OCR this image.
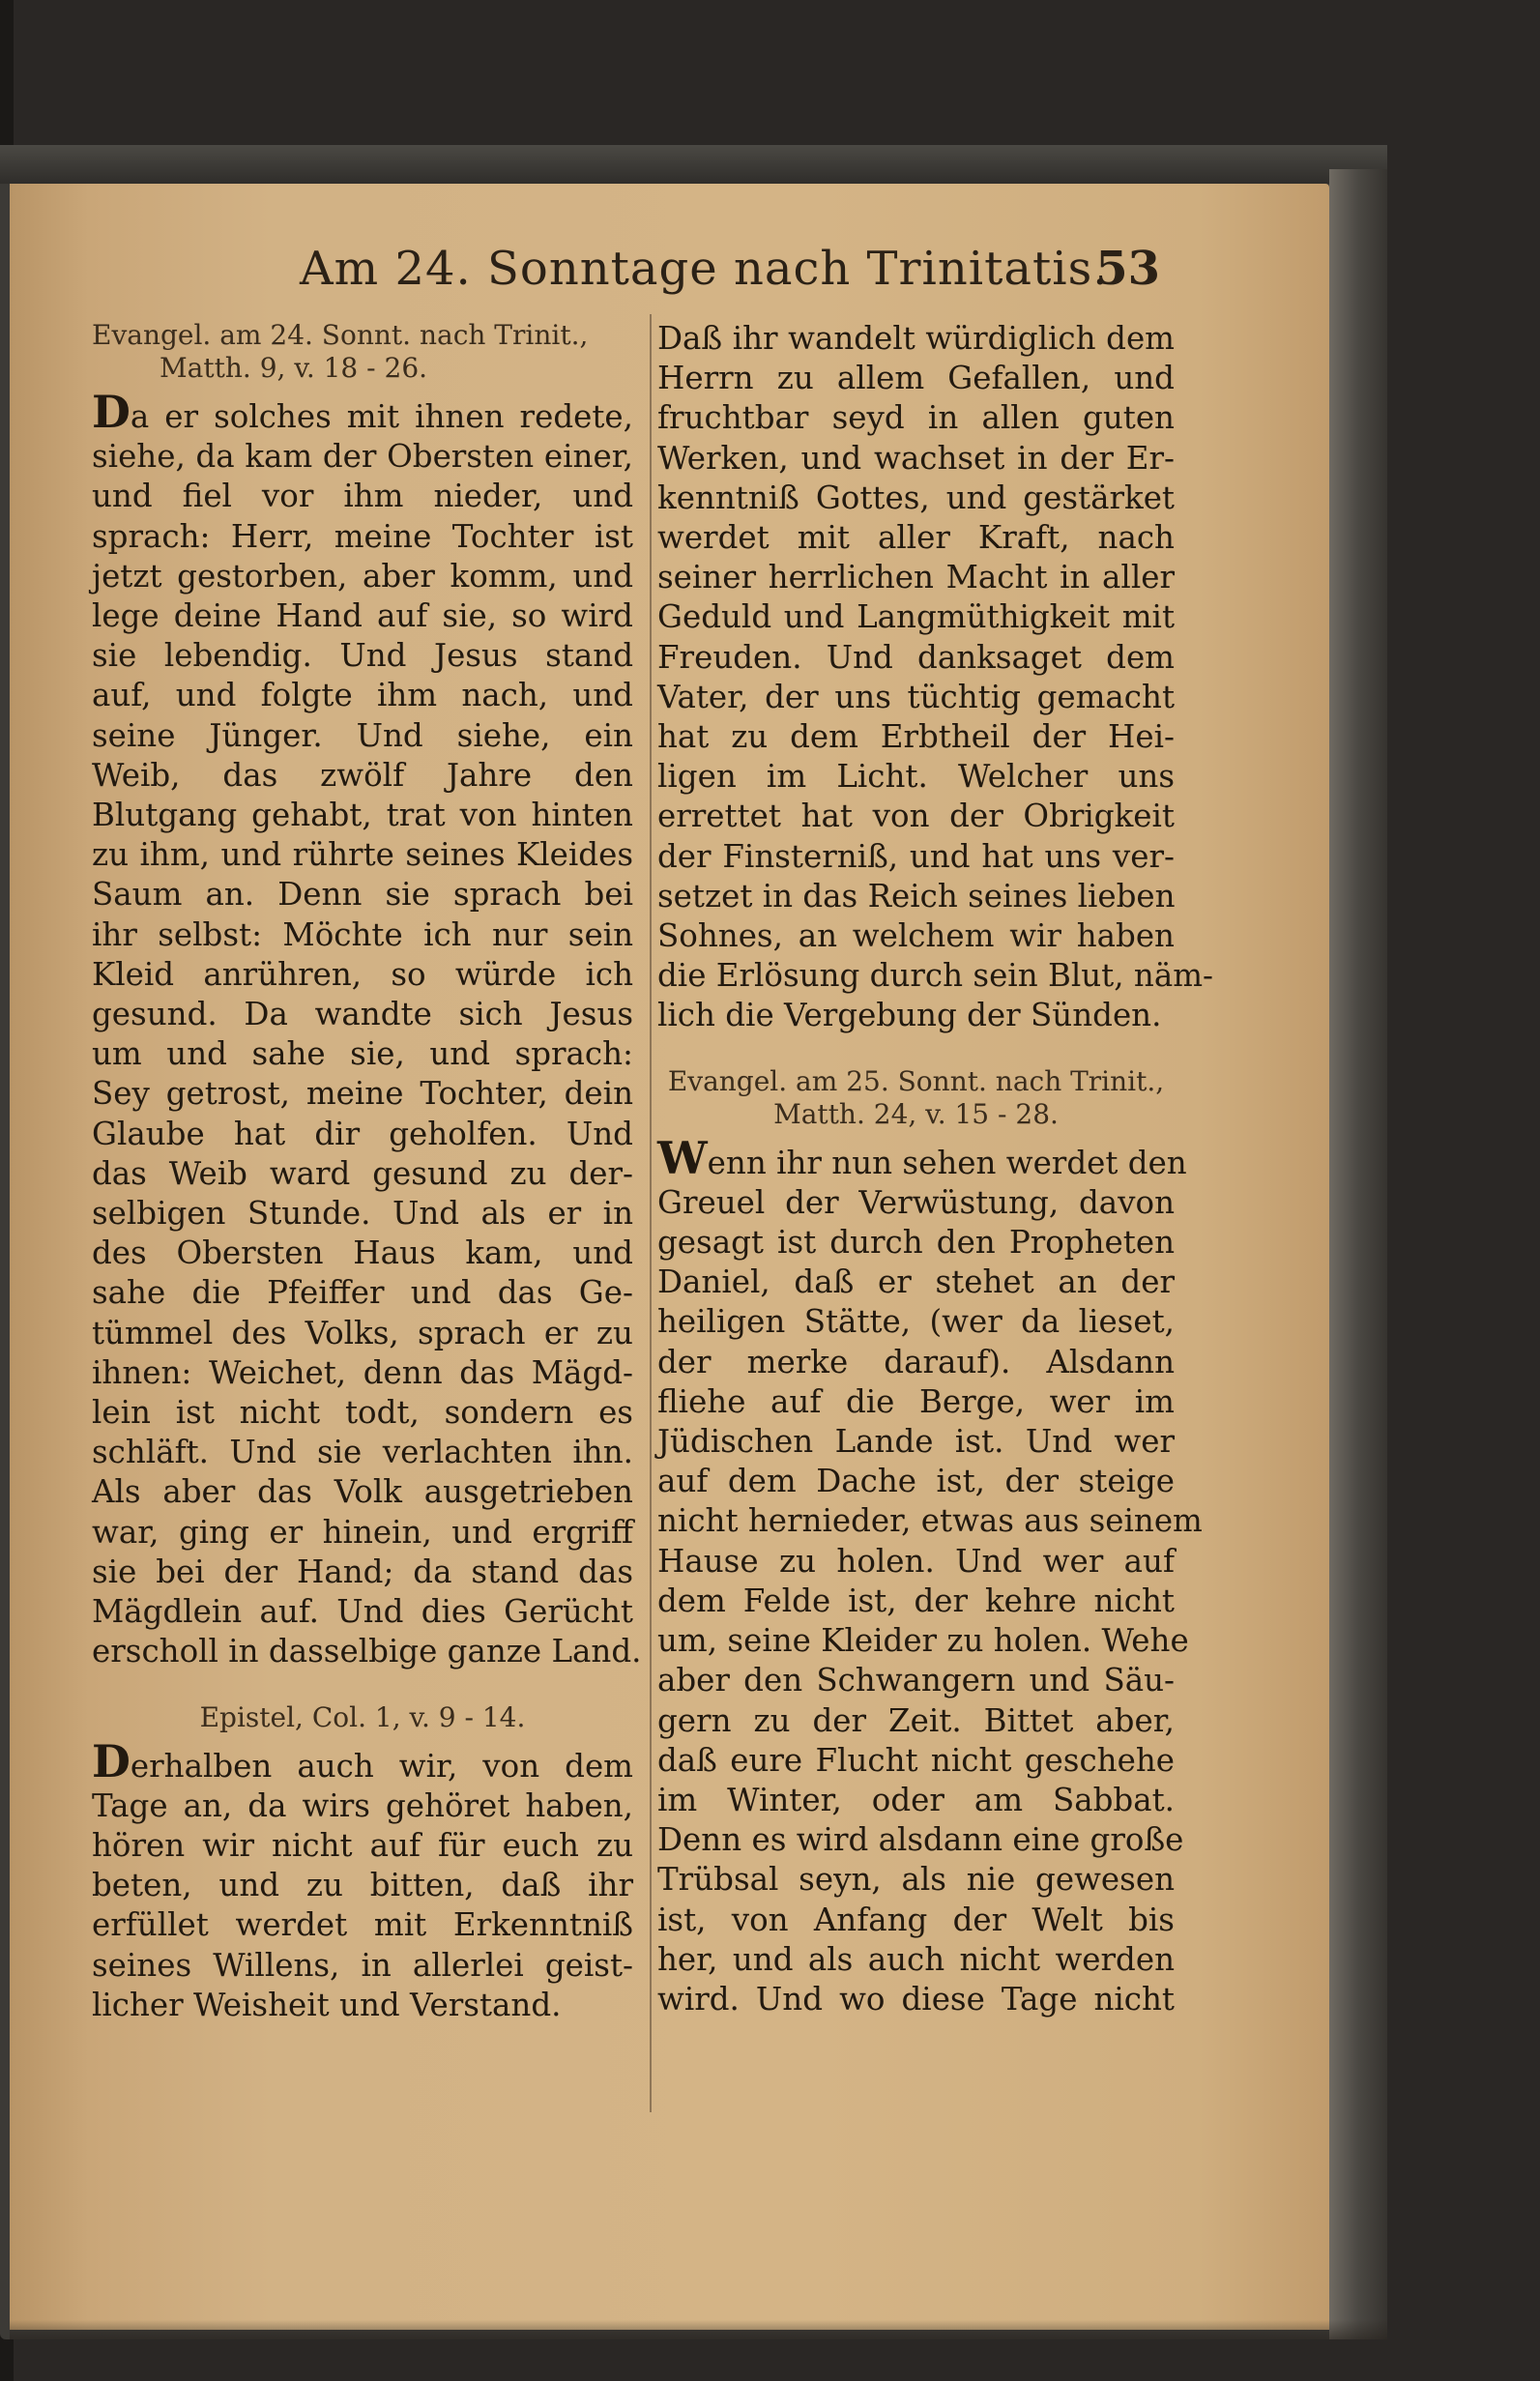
Am 24. Sonntage nach Trinitatis.
53
Evangel. am 24. Sonnt. nach Trinit.,
Matth. 9, v. 18 - 26.
Da er solches mit ihnen redete,
siehe, da kam der Obersten einer,
und fiel vor ihm nieder, und
sprach: Herr, meine Tochter ist
jetzt gestorben, aber komm, und
lege deine Hand auf sie, so wird
sie lebendig. Und Jesus stand
auf, und folgte ihm nach, und
seine Jünger. Und siehe, ein
Weib, das zwölf Jahre den
Blutgang gehabt, trat von hinten
zu ihm, und rührte seines Kleides
Saum an. Denn sie sprach bei
ihr selbst: Möchte ich nur sein
Kleid anrühren, so würde ich
gesund. Da wandte sich Jesus
um und sahe sie, und sprach:
Sey getrost, meine Tochter, dein
Glaube hat dir geholfen. Und
das Weib ward gesund zu der-
selbigen Stunde. Und als er in
des Obersten Haus kam, und
sahe die Pfeiffer und das Ge-
tümmel des Volks, sprach er zu
ihnen: Weichet, denn das Mägd-
lein ist nicht todt, sondern es
schläft. Und sie verlachten ihn.
Als aber das Volk ausgetrieben
war, ging er hinein, und ergriff
sie bei der Hand; da stand das
Mägdlein auf. Und dies Gerücht
erscholl in dasselbige ganze Land.
Epistel, Col. 1, v. 9 - 14.
Derhalben auch wir, von dem
Tage an, da wirs gehöret haben,
hören wir nicht auf für euch zu
beten, und zu bitten, daß ihr
erfüllet werdet mit Erkenntniß
seines Willens, in allerlei geist-
licher Weisheit und Verstand.
Daß ihr wandelt würdiglich dem
Herrn zu allem Gefallen, und
fruchtbar seyd in allen guten
Werken, und wachset in der Er-
kenntniß Gottes, und gestärket
werdet mit aller Kraft, nach
seiner herrlichen Macht in aller
Geduld und Langmüthigkeit mit
Freuden. Und danksaget dem
Vater, der uns tüchtig gemacht
hat zu dem Erbtheil der Hei-
ligen im Licht. Welcher uns
errettet hat von der Obrigkeit
der Finsterniß, und hat uns ver-
setzet in das Reich seines lieben
Sohnes, an welchem wir haben
die Erlösung durch sein Blut, näm-
lich die Vergebung der Sünden.
Evangel. am 25. Sonnt. nach Trinit.,
Matth. 24, v. 15 - 28.
Wenn ihr nun sehen werdet den
Greuel der Verwüstung, davon
gesagt ist durch den Propheten
Daniel, daß er stehet an der
heiligen Stätte, (wer da lieset,
der merke darauf). Alsdann
fliehe auf die Berge, wer im
Jüdischen Lande ist. Und wer
auf dem Dache ist, der steige
nicht hernieder, etwas aus seinem
Hause zu holen. Und wer auf
dem Felde ist, der kehre nicht
um, seine Kleider zu holen. Wehe
aber den Schwangern und Säu-
gern zu der Zeit. Bittet aber,
daß eure Flucht nicht geschehe
im Winter, oder am Sabbat.
Denn es wird alsdann eine große
Trübsal seyn, als nie gewesen
ist, von Anfang der Welt bis
her, und als auch nicht werden
wird. Und wo diese Tage nicht
